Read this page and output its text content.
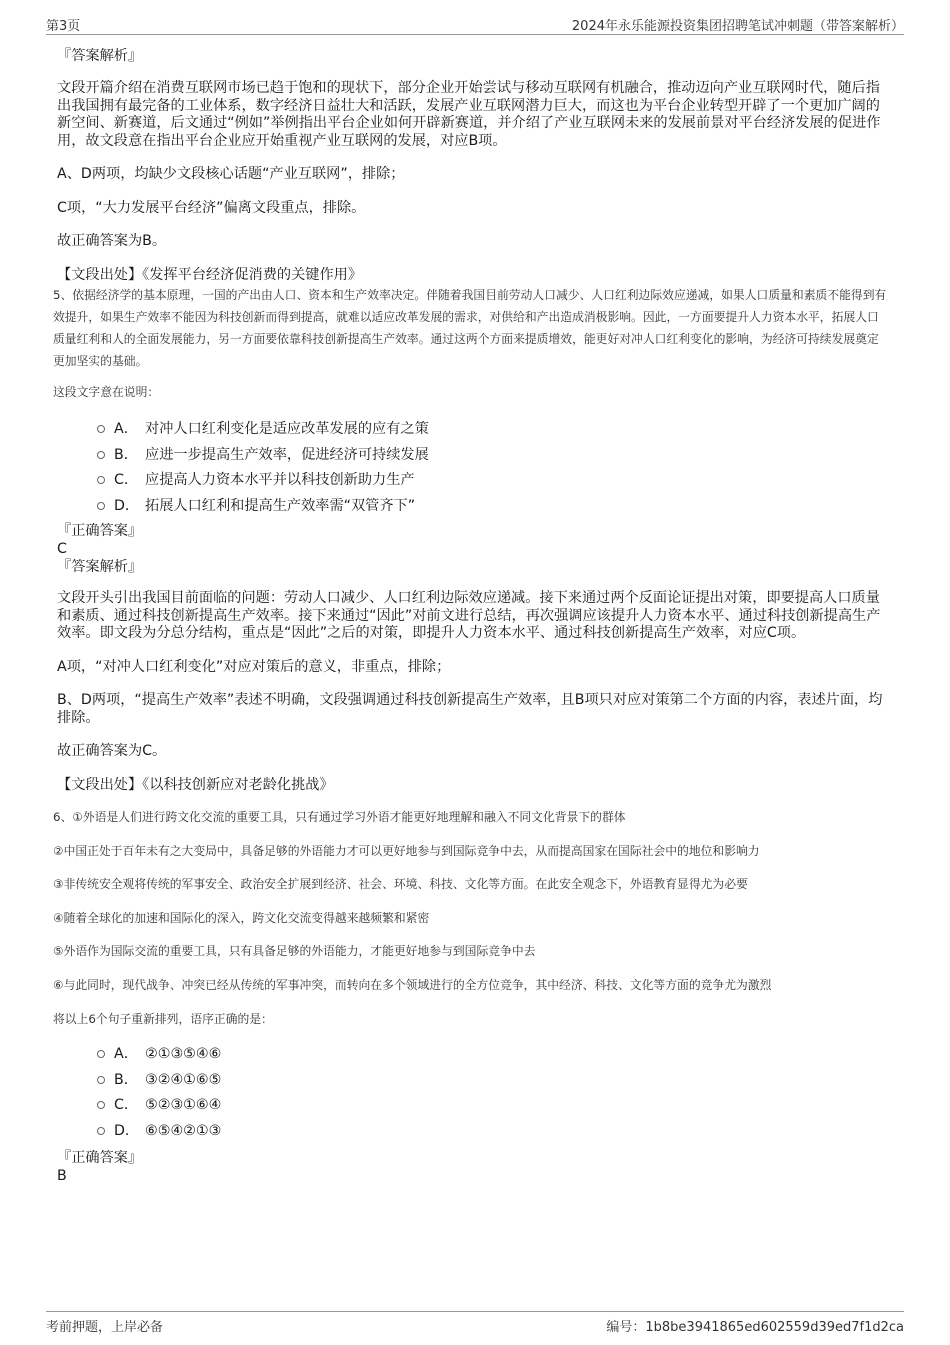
第3页	2024年永乐能源投资集团招聘笔试冲刺题（带答案解析）

『答案解析』

文段开篇介绍在消费互联网市场已趋于饱和的现状下，部分企业开始尝试与移动互联网有机融合，推动迈向产业互联网时代，随后指出我国拥有最完备的工业体系，数字经济日益壮大和活跃，发展产业互联网潜力巨大，而这也为平台企业转型开辟了一个更加广阔的新空间、新赛道，后文通过“例如”举例指出平台企业如何开辟新赛道，并介绍了产业互联网未来的发展前景对平台经济发展的促进作用，故文段意在指出平台企业应开始重视产业互联网的发展，对应B项。

A、D两项，均缺少文段核心话题“产业互联网”，排除；

C项，“大力发展平台经济”偏离文段重点，排除。

故正确答案为B。

【文段出处】《发挥平台经济促消费的关键作用》

5、依据经济学的基本原理，一国的产出由人口、资本和生产效率决定。伴随着我国目前劳动人口减少、人口红利边际效应递减，如果人口质量和素质不能得到有效提升，如果生产效率不能因为科技创新而得到提高，就难以适应改革发展的需求，对供给和产出造成消极影响。因此，一方面要提升人力资本水平，拓展人口质量红利和人的全面发展能力，另一方面要依靠科技创新提高生产效率。通过这两个方面来提质增效，能更好对冲人口红利变化的影响，为经济可持续发展奠定更加坚实的基础。

这段文字意在说明：

A． 对冲人口红利变化是适应改革发展的应有之策
B． 应进一步提高生产效率，促进经济可持续发展
C． 应提高人力资本水平并以科技创新助力生产
D． 拓展人口红利和提高生产效率需“双管齐下”

『正确答案』

C

『答案解析』

文段开头引出我国目前面临的问题：劳动人口减少、人口红利边际效应递减。接下来通过两个反面论证提出对策，即要提高人口质量和素质、通过科技创新提高生产效率。接下来通过“因此”对前文进行总结，再次强调应该提升人力资本水平、通过科技创新提高生产效率。即文段为分总分结构，重点是“因此”之后的对策，即提升人力资本水平、通过科技创新提高生产效率，对应C项。

A项，“对冲人口红利变化”对应对策后的意义，非重点，排除；

B、D两项，“提高生产效率”表述不明确，文段强调通过科技创新提高生产效率，且B项只对应对策第二个方面的内容，表述片面，均排除。

故正确答案为C。

【文段出处】《以科技创新应对老龄化挑战》

6、①外语是人们进行跨文化交流的重要工具，只有通过学习外语才能更好地理解和融入不同文化背景下的群体

②中国正处于百年未有之大变局中，具备足够的外语能力才可以更好地参与到国际竞争中去，从而提高国家在国际社会中的地位和影响力

③非传统安全观将传统的军事安全、政治安全扩展到经济、社会、环境、科技、文化等方面。在此安全观念下，外语教育显得尤为必要

④随着全球化的加速和国际化的深入，跨文化交流变得越来越频繁和紧密

⑤外语作为国际交流的重要工具，只有具备足够的外语能力，才能更好地参与到国际竞争中去

⑥与此同时，现代战争、冲突已经从传统的军事冲突，而转向在多个领域进行的全方位竞争，其中经济、科技、文化等方面的竞争尤为激烈

将以上6个句子重新排列，语序正确的是：

A． ②①③⑤④⑥
B． ③②④①⑥⑤
C． ⑤②③①⑥④
D． ⑥⑤④②①③

『正确答案』

B

考前押题，上岸必备	编号：1b8be3941865ed602559d39ed7f1d2ca
